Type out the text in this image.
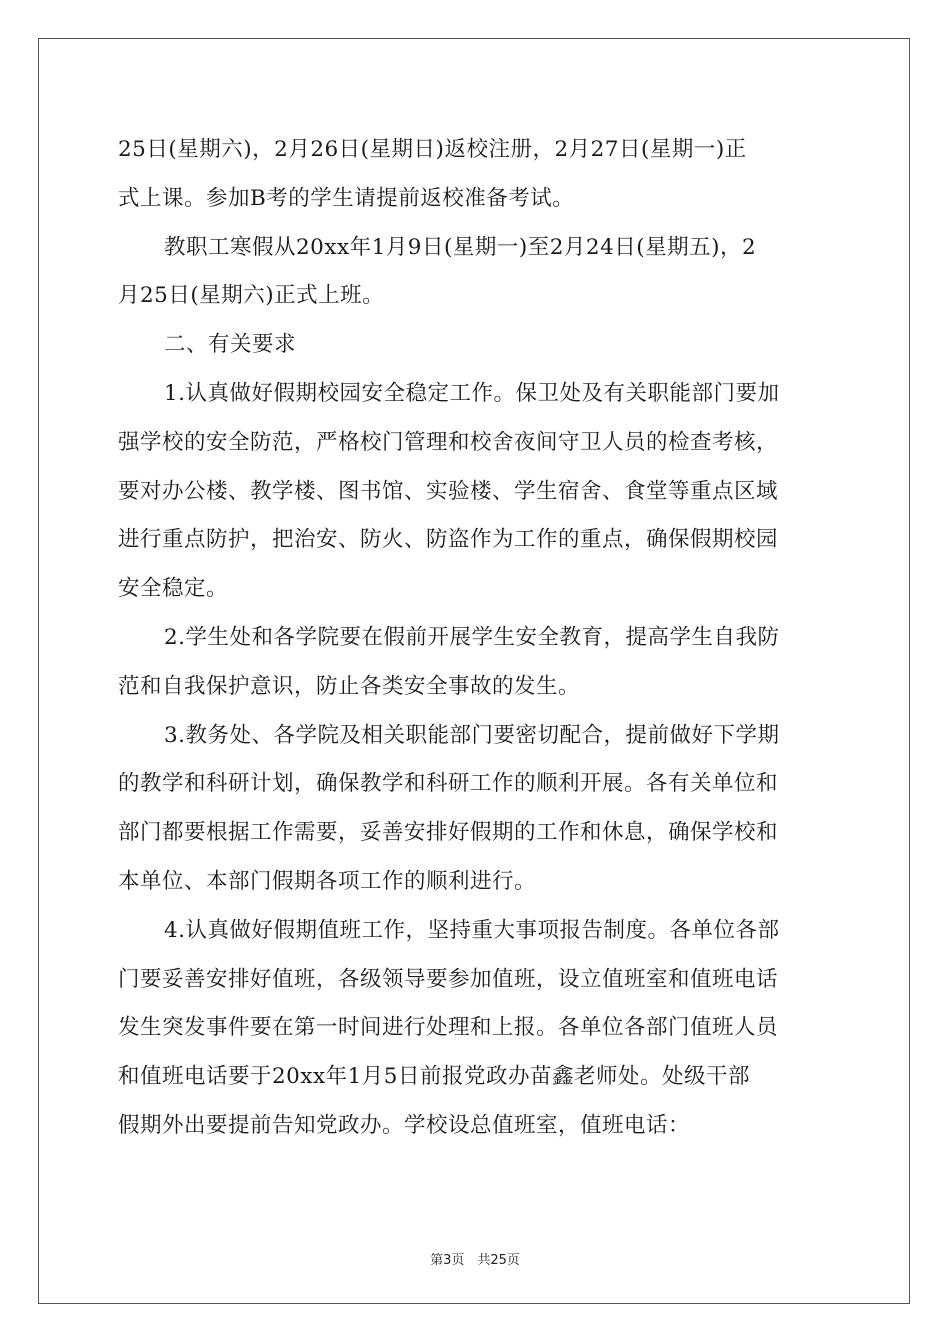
25日(星期六)，2月26日(星期日)返校注册，2月27日(星期一)正
式上课。参加B考的学生请提前返校准备考试。

教职工寒假从20xx年1月9日(星期一)至2月24日(星期五)，2
月25日(星期六)正式上班。

二、有关要求

1.认真做好假期校园安全稳定工作。保卫处及有关职能部门要加
强学校的安全防范，严格校门管理和校舍夜间守卫人员的检查考核，
要对办公楼、教学楼、图书馆、实验楼、学生宿舍、食堂等重点区域
进行重点防护，把治安、防火、防盗作为工作的重点，确保假期校园
安全稳定。

2.学生处和各学院要在假前开展学生安全教育，提高学生自我防
范和自我保护意识，防止各类安全事故的发生。

3.教务处、各学院及相关职能部门要密切配合，提前做好下学期
的教学和科研计划，确保教学和科研工作的顺利开展。各有关单位和
部门都要根据工作需要，妥善安排好假期的工作和休息，确保学校和
本单位、本部门假期各项工作的顺利进行。

4.认真做好假期值班工作，坚持重大事项报告制度。各单位各部
门要妥善安排好值班，各级领导要参加值班，设立值班室和值班电话
发生突发事件要在第一时间进行处理和上报。各单位各部门值班人员
和值班电话要于20xx年1月5日前报党政办苗鑫老师处。处级干部
假期外出要提前告知党政办。学校设总值班室，值班电话：

第3页　共25页
